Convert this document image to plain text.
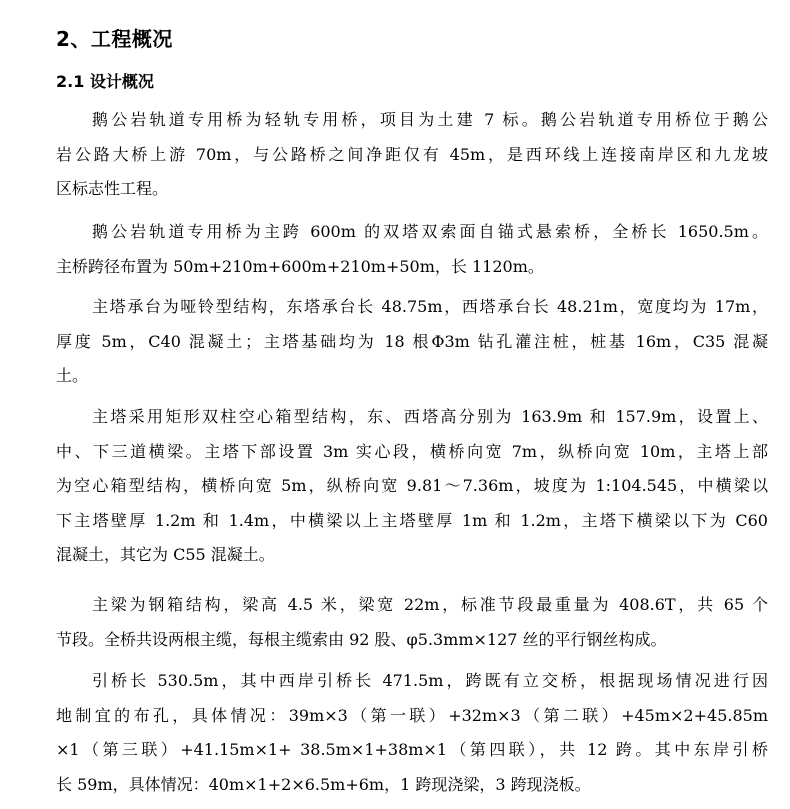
2、工程概况
2.1 设计概况
鹅公岩轨道专用桥为轻轨专用桥，项目为土建 7 标。鹅公岩轨道专用桥位于鹅公
岩公路大桥上游 70m，与公路桥之间净距仅有 45m，是西环线上连接南岸区和九龙坡
区标志性工程。
鹅公岩轨道专用桥为主跨 600m 的双塔双索面自锚式悬索桥，全桥长 1650.5m。
主桥跨径布置为 50m+210m+600m+210m+50m，长 1120m。
主塔承台为哑铃型结构，东塔承台长 48.75m，西塔承台长 48.21m，宽度均为 17m，
厚度 5m，C40 混凝土；主塔基础均为 18 根Φ3m 钻孔灌注桩，桩基 16m，C35 混凝
土。
主塔采用矩形双柱空心箱型结构，东、西塔高分别为 163.9m 和 157.9m，设置上、
中、下三道横梁。主塔下部设置 3m 实心段，横桥向宽 7m，纵桥向宽 10m，主塔上部
为空心箱型结构，横桥向宽 5m，纵桥向宽 9.81～7.36m，坡度为 1:104.545，中横梁以
下主塔壁厚 1.2m 和 1.4m，中横梁以上主塔壁厚 1m 和 1.2m，主塔下横梁以下为 C60
混凝土，其它为 C55 混凝土。
主梁为钢箱结构，梁高 4.5 米，梁宽 22m，标准节段最重量为 408.6T，共 65 个
节段。全桥共设两根主缆，每根主缆索由 92 股、φ5.3mm×127 丝的平行钢丝构成。
引桥长 530.5m，其中西岸引桥长 471.5m，跨既有立交桥，根据现场情况进行因
地制宜的布孔，具体情况：39m×3（第一联）+32m×3（第二联）+45m×2+45.85m
×1（第三联）+41.15m×1+ 38.5m×1+38m×1（第四联），共 12 跨。其中东岸引桥
长 59m，具体情况：40m×1+2×6.5m+6m，1 跨现浇梁，3 跨现浇板。
